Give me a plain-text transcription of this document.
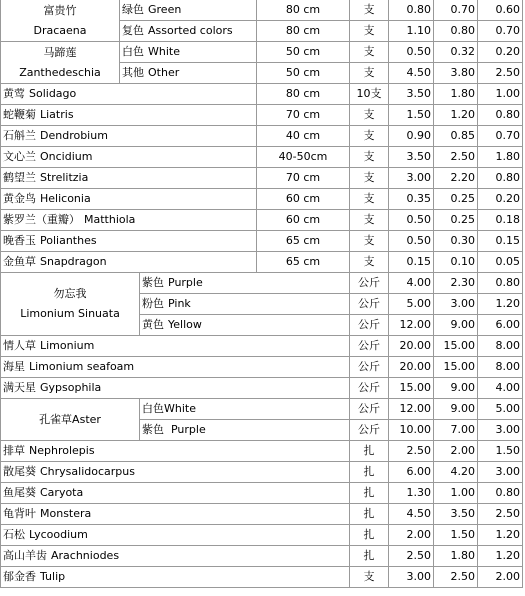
富贵竹
Dracaena	绿色 Green		80 cm	支	0.80	0.70	0.60
	复色 Assorted colors		80 cm	支	1.10	0.80	0.70

马蹄莲
Zanthedeschia	白色 White		50 cm	支	0.50	0.32	0.20
	其他 Other		50 cm	支	4.50	3.80	2.50
黄莺 Solidago			80 cm	10支	3.50	1.80	1.00
蛇鞭菊 Liatris			70 cm	支	1.50	1.20	0.80
石斛兰 Dendrobium			40 cm	支	0.90	0.85	0.70
文心兰 Oncidium			40-50cm	支	3.50	2.50	1.80
鹤望兰 Strelitzia			70 cm	支	3.00	2.20	0.80
黄金鸟 Heliconia			60 cm	支	0.35	0.25	0.20
紫罗兰（重瓣） Matthiola			60 cm	支	0.50	0.25	0.18
晚香玉 Polianthes			65 cm	支	0.50	0.30	0.15
金鱼草 Snapdragon			65 cm	支	0.15	0.10	0.05

勿忘我
Limonium Sinuata		紫色 Purple		公斤	4.00	2.30	0.80
		粉色 Pink		公斤	5.00	3.00	1.20
		黄色 Yellow		公斤	12.00	9.00	6.00
情人草 Limonium				公斤	20.00	15.00	8.00
海星 Limonium seafoam				公斤	20.00	15.00	8.00
满天星 Gypsophila				公斤	15.00	9.00	4.00

孔雀草Aster		白色White		公斤	12.00	9.00	5.00
		紫色  Purple		公斤	10.00	7.00	3.00
排草 Nephrolepis				扎	2.50	2.00	1.50
散尾葵 Chrysalidocarpus				扎	6.00	4.20	3.00
鱼尾葵 Caryota				扎	1.30	1.00	0.80
龟背叶 Monstera				扎	4.50	3.50	2.50
石松 Lycoodium				扎	2.00	1.50	1.20
高山羊齿 Arachniodes				扎	2.50	1.80	1.20
郁金香 Tulip				支	3.00	2.50	2.00
